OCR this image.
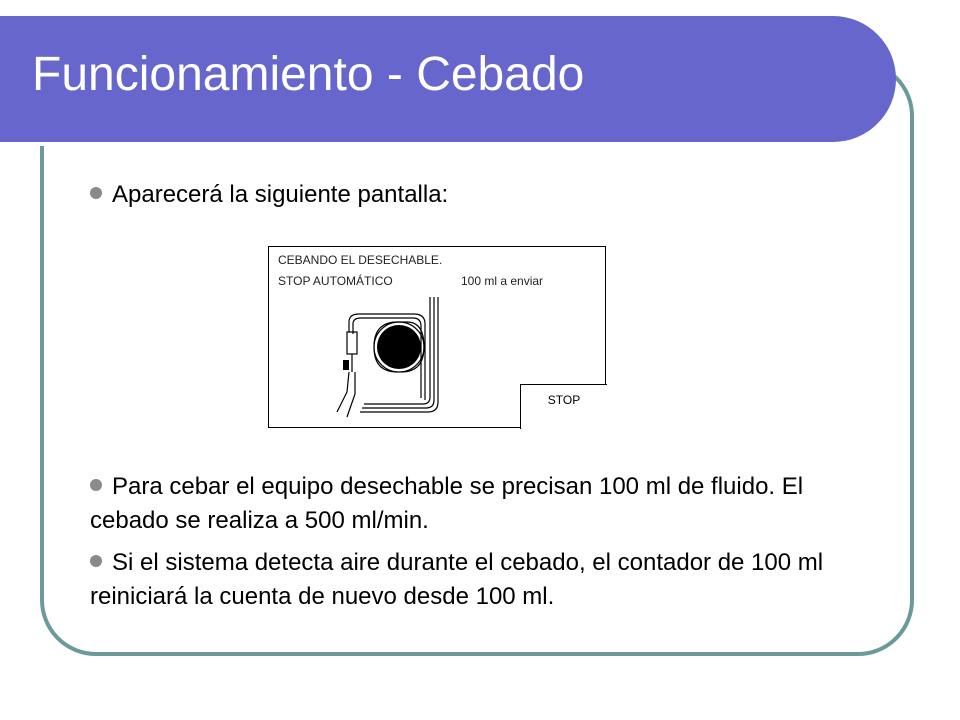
Funcionamiento - Cebado
Aparecerá la siguiente pantalla:
CEBANDO EL DESECHABLE.
STOP AUTOMÁTICO	100 ml a enviar
STOP
Para cebar el equipo desechable se precisan 100 ml de fluido. El cebado se realiza a 500 ml/min.
Si el sistema detecta aire durante el cebado, el contador de 100 ml reiniciará la cuenta de nuevo desde 100 ml.
